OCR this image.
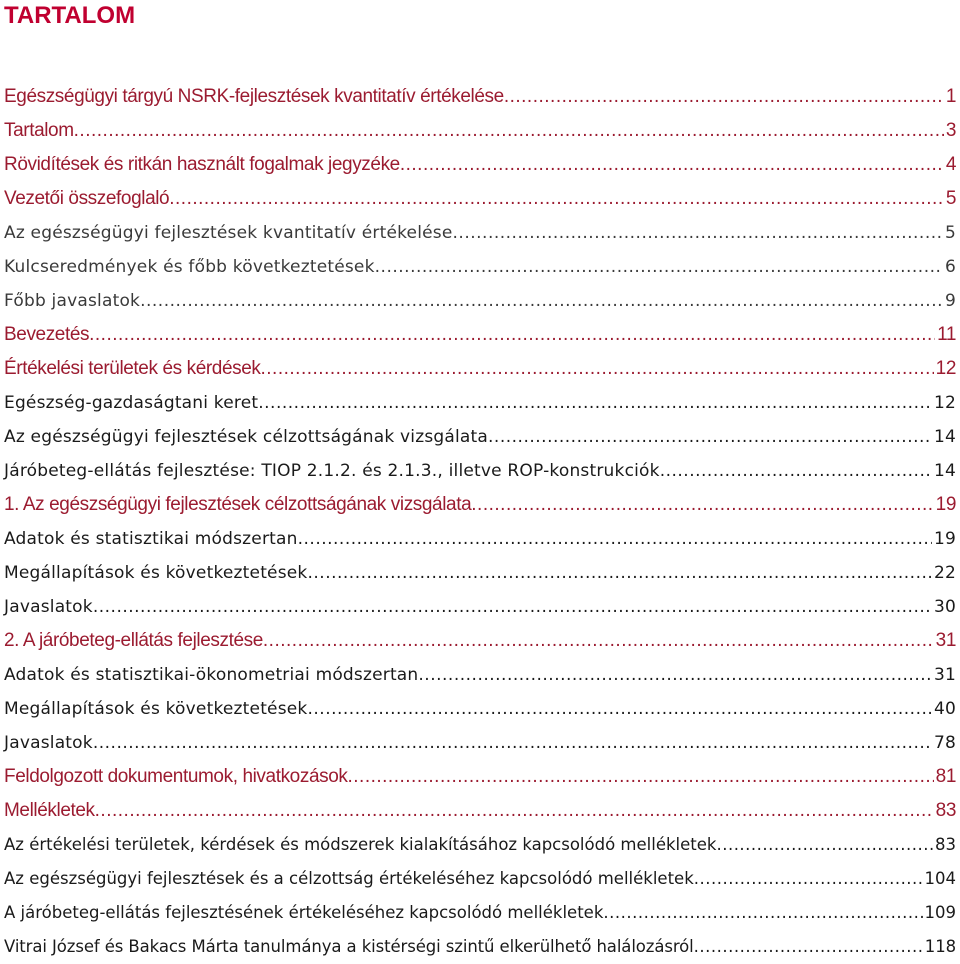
TARTALOM
Egészségügyi tárgyú NSRK-fejlesztések kvantitatív értékelése .....	1
Tartalom .....	3
Rövidítések és ritkán használt fogalmak jegyzéke .....	4
Vezetői összefoglaló .....	5
Az egészségügyi fejlesztések kvantitatív értékelése .....	5
Kulcseredmények és főbb következtetések .....	6
Főbb javaslatok .....	9
Bevezetés .....	11
Értékelési területek és kérdések .....	12
Egészség-gazdaságtani keret .....	12
Az egészségügyi fejlesztések célzottságának vizsgálata .....	14
Járóbeteg-ellátás fejlesztése: TIOP 2.1.2. és 2.1.3., illetve ROP-konstrukciók .....	14
1. Az egészségügyi fejlesztések célzottságának vizsgálata .....	19
Adatok és statisztikai módszertan .....	19
Megállapítások és következtetések .....	22
Javaslatok .....	30
2. A járóbeteg-ellátás fejlesztése .....	31
Adatok és statisztikai-ökonometriai módszertan .....	31
Megállapítások és következtetések .....	40
Javaslatok .....	78
Feldolgozott dokumentumok, hivatkozások .....	81
Mellékletek .....	83
Az értékelési területek, kérdések és módszerek kialakításához kapcsolódó mellékletek .....	83
Az egészségügyi fejlesztések és a célzottság értékeléséhez kapcsolódó mellékletek .....	104
A járóbeteg-ellátás fejlesztésének értékeléséhez kapcsolódó mellékletek .....	109
Vitrai József és Bakacs Márta tanulmánya a kistérségi szintű elkerülhető halálozásról .....	118
